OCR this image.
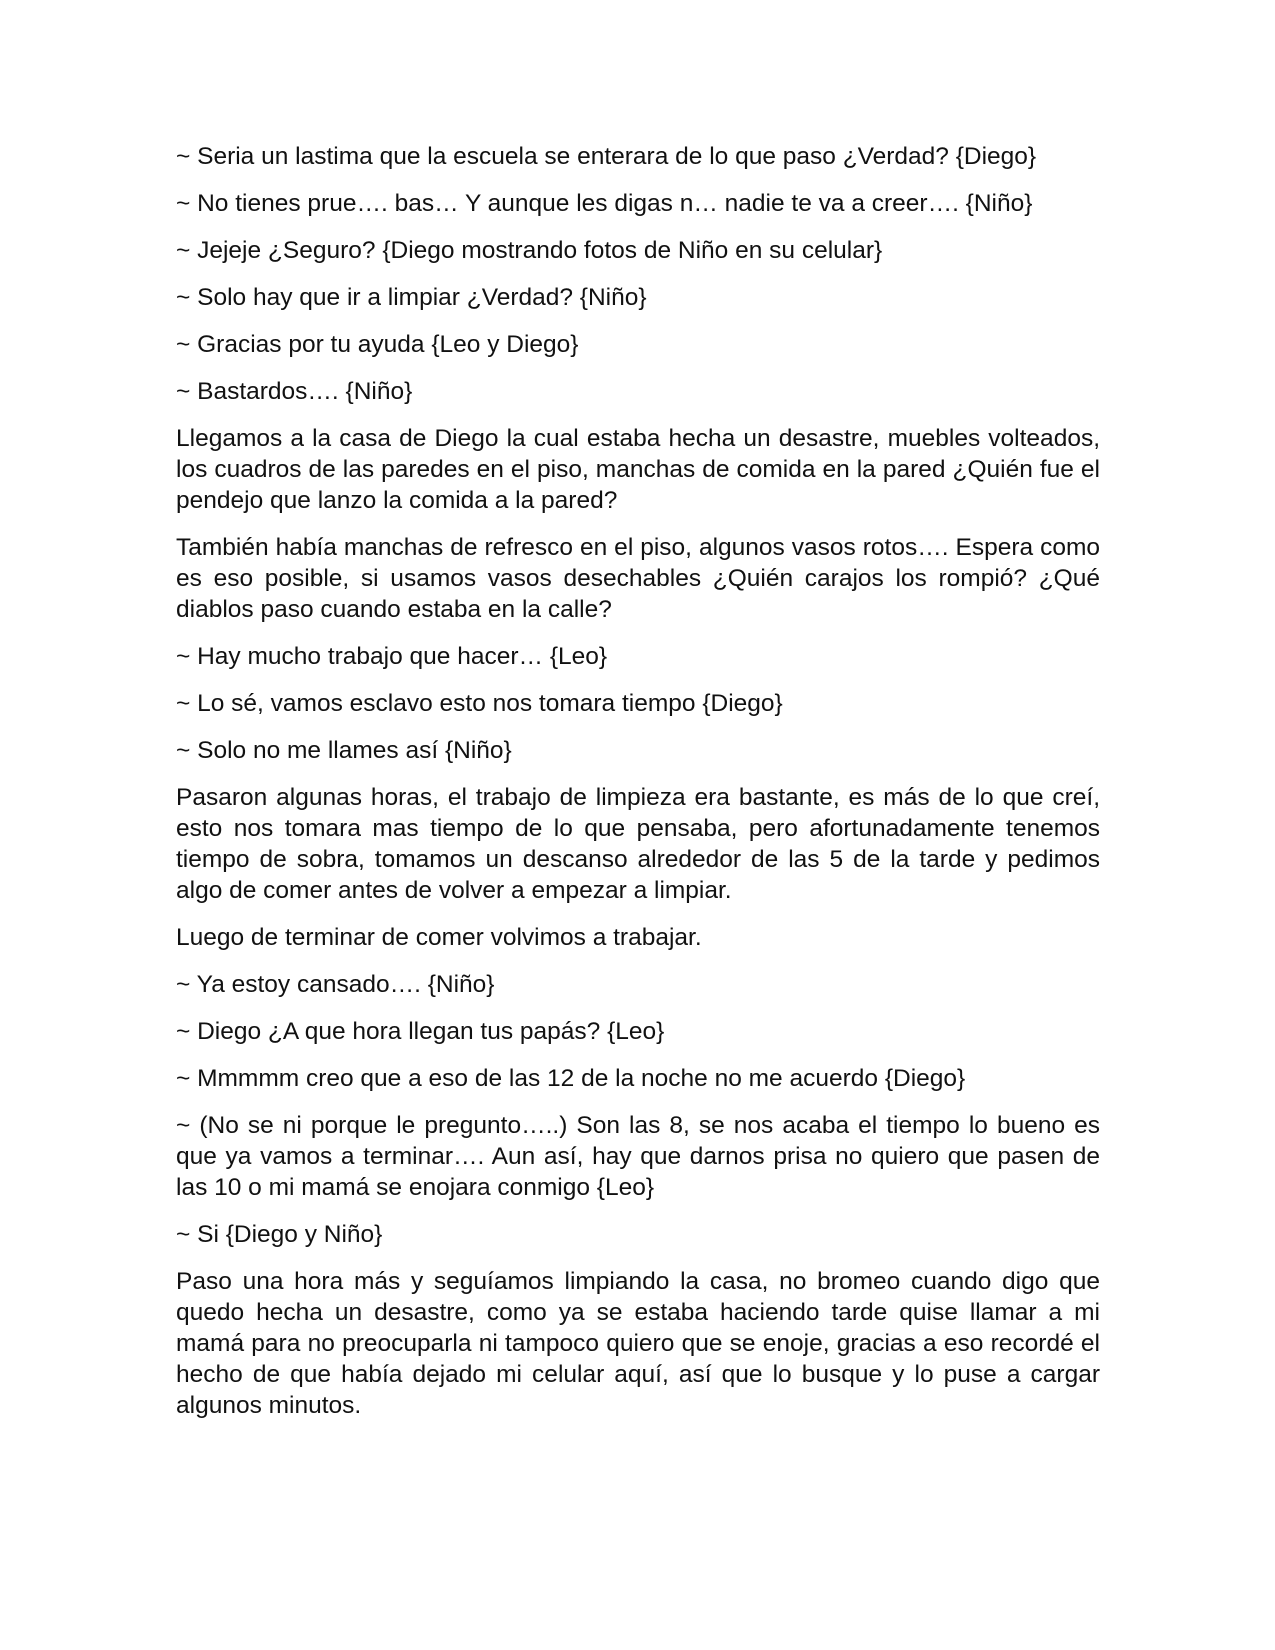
~ Seria un lastima que la escuela se enterara de lo que paso ¿Verdad? {Diego}

~ No tienes prue…. bas… Y aunque les digas n… nadie te va a creer…. {Niño}

~ Jejeje ¿Seguro? {Diego mostrando fotos de Niño en su celular}

~ Solo hay que ir a limpiar ¿Verdad? {Niño}

~ Gracias por tu ayuda {Leo y Diego}

~ Bastardos…. {Niño}

Llegamos a la casa de Diego la cual estaba hecha un desastre, muebles volteados, los cuadros de las paredes en el piso, manchas de comida en la pared ¿Quién fue el pendejo que lanzo la comida a la pared?

También había manchas de refresco en el piso, algunos vasos rotos…. Espera como es eso posible, si usamos vasos desechables ¿Quién carajos los rompió? ¿Qué diablos paso cuando estaba en la calle?

~ Hay mucho trabajo que hacer… {Leo}

~ Lo sé, vamos esclavo esto nos tomara tiempo {Diego}

~ Solo no me llames así {Niño}

Pasaron algunas horas, el trabajo de limpieza era bastante, es más de lo que creí, esto nos tomara mas tiempo de lo que pensaba, pero afortunadamente tenemos tiempo de sobra, tomamos un descanso alrededor de las 5 de la tarde y pedimos algo de comer antes de volver a empezar a limpiar.

Luego de terminar de comer volvimos a trabajar.

~ Ya estoy cansado…. {Niño}

~ Diego ¿A que hora llegan tus papás? {Leo}

~ Mmmmm creo que a eso de las 12 de la noche no me acuerdo {Diego}

~ (No se ni porque le pregunto…..) Son las 8, se nos acaba el tiempo lo bueno es que ya vamos a terminar…. Aun así, hay que darnos prisa no quiero que pasen de las 10 o mi mamá se enojara conmigo {Leo}

~ Si {Diego y Niño}

Paso una hora más y seguíamos limpiando la casa, no bromeo cuando digo que quedo hecha un desastre, como ya se estaba haciendo tarde quise llamar a mi mamá para no preocuparla ni tampoco quiero que se enoje, gracias a eso recordé el hecho de que había dejado mi celular aquí, así que lo busque y lo puse a cargar algunos minutos.
